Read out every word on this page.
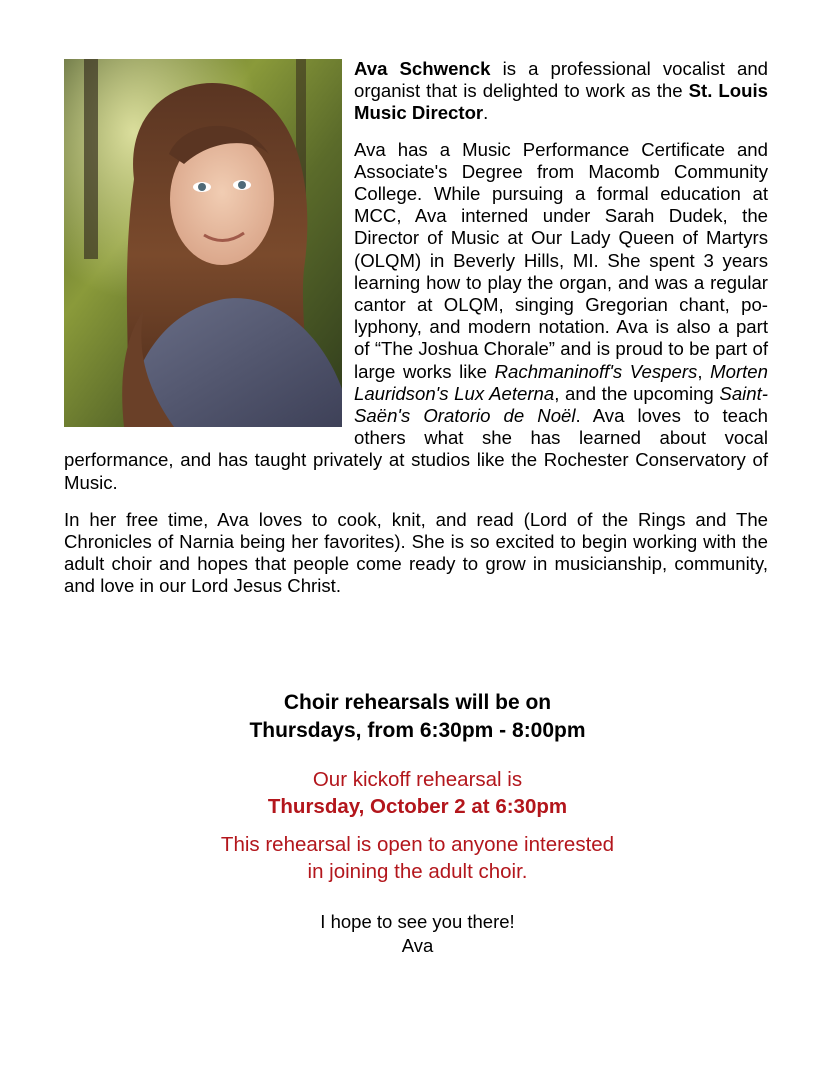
Ava Schwenck is a professional vocalist and organist that is delighted to work as the St. Louis Music Director.

Ava has a Music Performance Certificate and Associate's Degree from Macomb Community College. While pursuing a formal education at MCC, Ava interned under Sarah Dudek, the Director of Music at Our Lady Queen of Martyrs (OLQM) in Beverly Hills, MI. She spent 3 years learning how to play the organ, and was a regular cantor at OLQM, singing Gregorian chant, polyphony, and modern notation. Ava is also a part of “The Joshua Chorale” and is proud to be part of large works like Rachmaninoff's Vespers, Morten Lauridson's Lux Aeterna, and the upcoming Saint-Saën's Oratorio de Noël. Ava loves to teach others what she has learned about vocal performance, and has taught privately at studios like the Rochester Conservatory of Music.

In her free time, Ava loves to cook, knit, and read (Lord of the Rings and The Chronicles of Narnia being her favorites). She is so excited to begin working with the adult choir and hopes that people come ready to grow in musicianship, community, and love in our Lord Jesus Christ.

Choir rehearsals will be on
Thursdays, from 6:30pm - 8:00pm
Our kickoff rehearsal is
Thursday, October 2 at 6:30pm
This rehearsal is open to anyone interested
in joining the adult choir.
I hope to see you there!
Ava
